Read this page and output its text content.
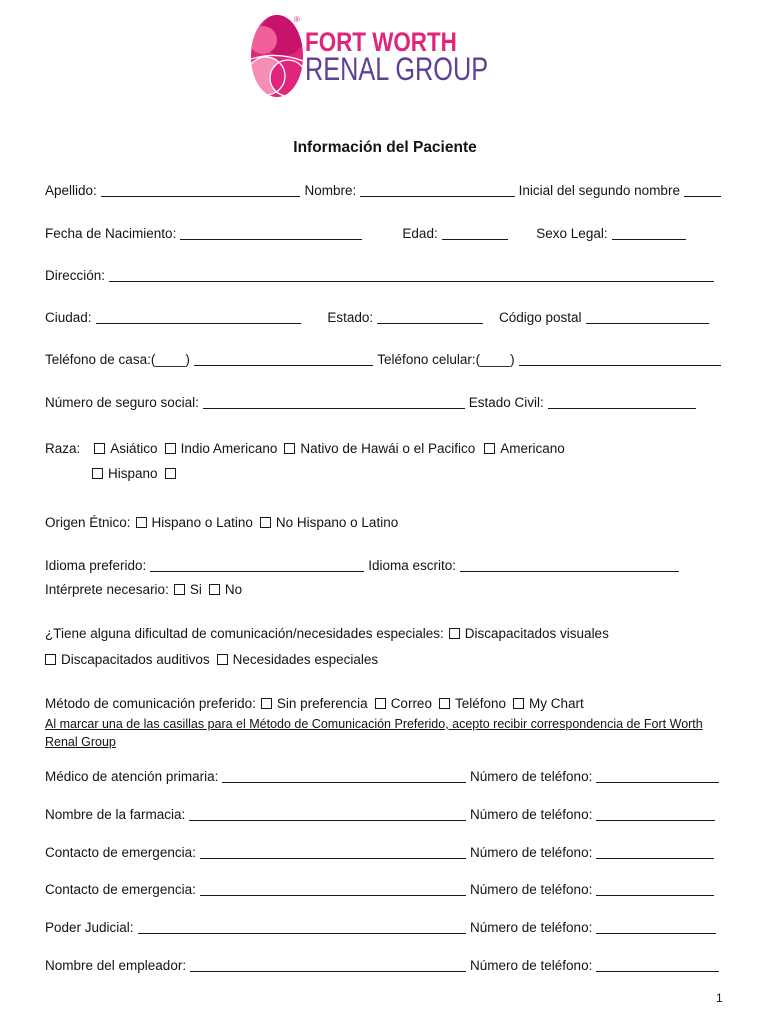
®
FORT WORTH
RENAL GROUP
Información del Paciente
Apellido:	Nombre:	Inicial del segundo nombre
Fecha de Nacimiento:	Edad:	Sexo Legal:
Dirección:
Ciudad:	Estado:	Código postal
Teléfono de casa:(____)	Teléfono celular:(____)
Número de seguro social:	Estado Civil:
Raza: Asiático Indio Americano Nativo de Hawái o el Pacifico Americano
Hispano
Origen Étnico: Hispano o Latino No Hispano o Latino
Idioma preferido:	Idioma escrito:
Intérprete necesario: Si No
¿Tiene alguna dificultad de comunicación/necesidades especiales: Discapacitados visuales
Discapacitados auditivos Necesidades especiales
Método de comunicación preferido: Sin preferencia Correo Teléfono My Chart
Al marcar una de las casillas para el Método de Comunicación Preferido, acepto recibir correspondencia de Fort Worth
Renal Group
Médico de atención primaria:	Número de teléfono:
Nombre de la farmacia:	Número de teléfono:
Contacto de emergencia:	Número de teléfono:
Contacto de emergencia:	Número de teléfono:
Poder Judicial:	Número de teléfono:
Nombre del empleador:	Número de teléfono:
1
